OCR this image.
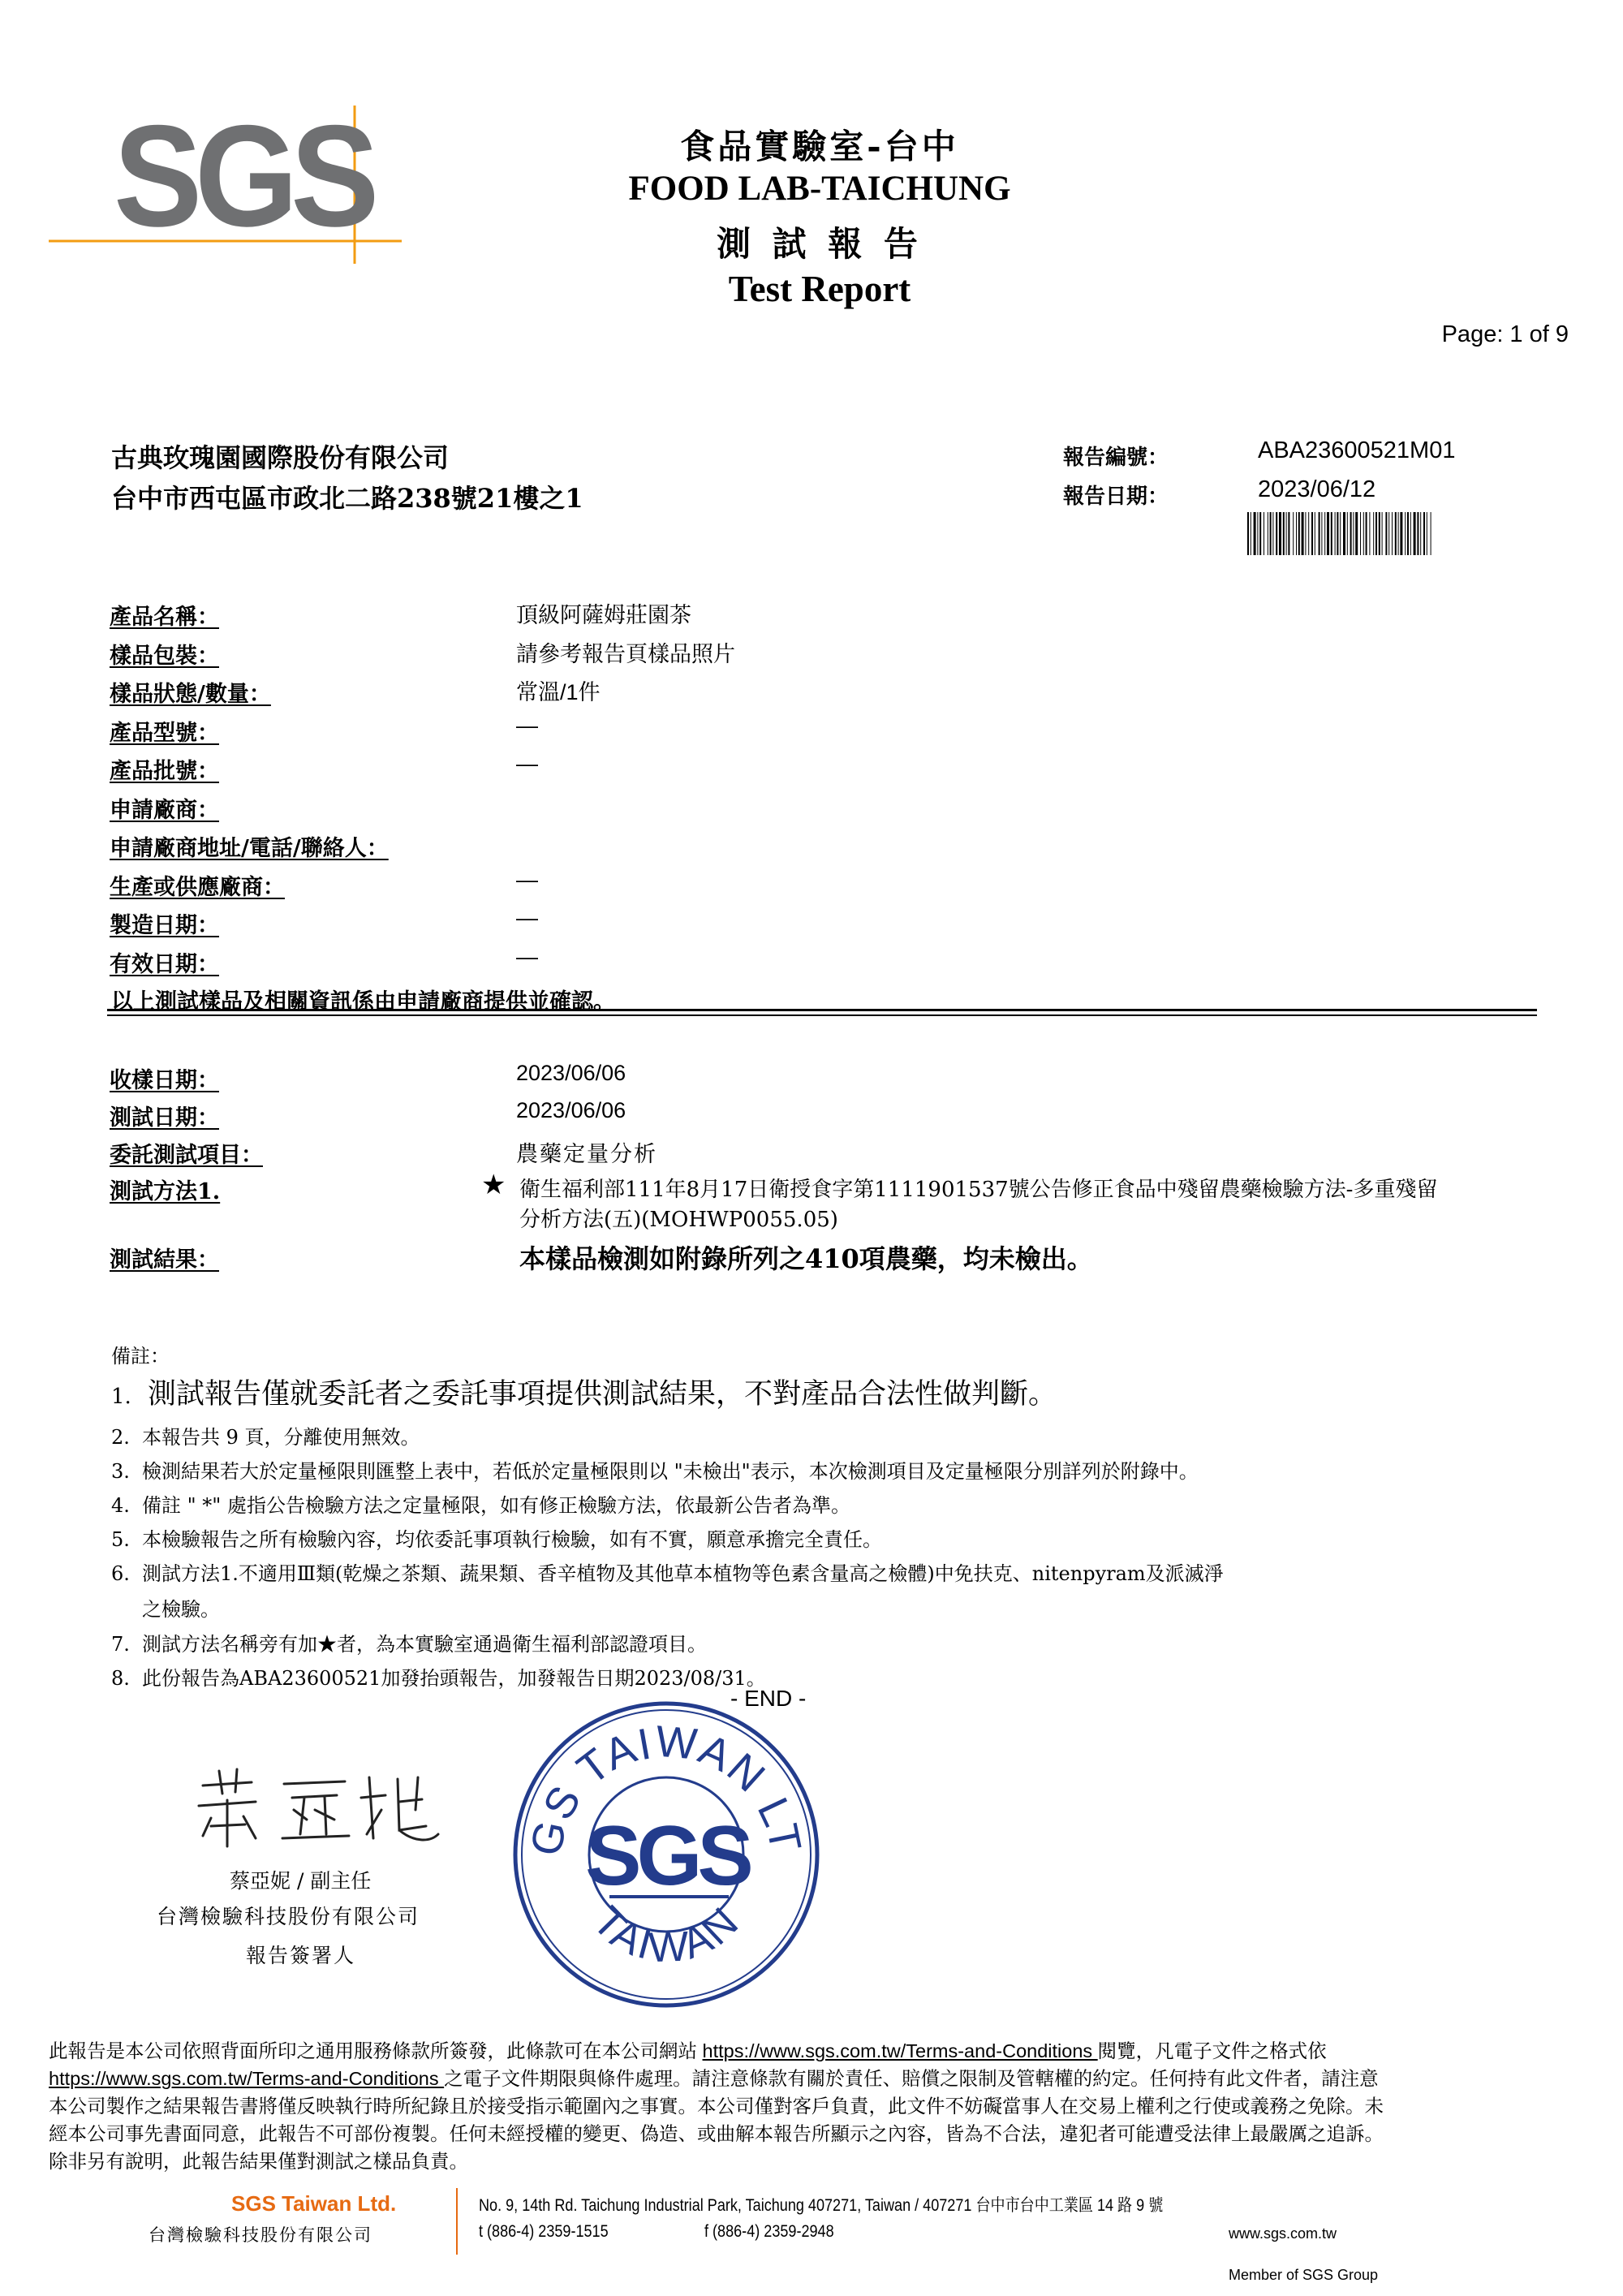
SGS	食品實驗室-台中
FOOD LAB-TAICHUNG
測 試 報 告
Test Report
Page: 1 of 9
古典玫瑰園國際股份有限公司
台中市西屯區市政北二路238號21樓之1
報告編號：	ABA23600521M01
報告日期：	2023/06/12
產品名稱：	頂級阿薩姆莊園茶
樣品包裝：	請參考報告頁樣品照片
樣品狀態/數量：	常溫/1件
產品型號：	—
產品批號：	—
申請廠商：
申請廠商地址/電話/聯絡人：
生產或供應廠商：	—
製造日期：	—
有效日期：	—
以上測試樣品及相關資訊係由申請廠商提供並確認。
收樣日期：	2023/06/06
測試日期：	2023/06/06
委託測試項目：	農藥定量分析
測試方法1.	★ 衛生福利部111年8月17日衛授食字第1111901537號公告修正食品中殘留農藥檢驗方法-多重殘留
分析方法(五)(MOHWP0055.05)
測試結果：	本樣品檢測如附錄所列之410項農藥，均未檢出。
備註：
1. 測試報告僅就委託者之委託事項提供測試結果，不對產品合法性做判斷。
2. 本報告共 9 頁，分離使用無效。
3. 檢測結果若大於定量極限則匯整上表中，若低於定量極限則以 "未檢出"表示，本次檢測項目及定量極限分別詳列於附錄中。
4. 備註 " *" 處指公告檢驗方法之定量極限，如有修正檢驗方法，依最新公告者為準。
5. 本檢驗報告之所有檢驗內容，均依委託事項執行檢驗，如有不實，願意承擔完全責任。
6. 測試方法1.不適用Ⅲ類(乾燥之茶類、蔬果類、香辛植物及其他草本植物等色素含量高之檢體)中免扶克、nitenpyram及派滅淨
之檢驗。
7. 測試方法名稱旁有加★者，為本實驗室通過衛生福利部認證項目。
8. 此份報告為ABA23600521加發抬頭報告，加發報告日期2023/08/31。
- END -
蔡亞妮 / 副主任
台灣檢驗科技股份有限公司
報告簽署人
GS TAIWAN LT
TAIWAN
SGS
此報告是本公司依照背面所印之通用服務條款所簽發，此條款可在本公司網站 https://www.sgs.com.tw/Terms-and-Conditions 閱覽，凡電子文件之格式依
https://www.sgs.com.tw/Terms-and-Conditions 之電子文件期限與條件處理。請注意條款有關於責任、賠償之限制及管轄權的約定。任何持有此文件者，請注意
本公司製作之結果報告書將僅反映執行時所紀錄且於接受指示範圍內之事實。本公司僅對客戶負責，此文件不妨礙當事人在交易上權利之行使或義務之免除。未
經本公司事先書面同意，此報告不可部份複製。任何未經授權的變更、偽造、或曲解本報告所顯示之內容，皆為不合法，違犯者可能遭受法律上最嚴厲之追訴。
除非另有說明，此報告結果僅對測試之樣品負責。
SGS Taiwan Ltd.
台灣檢驗科技股份有限公司
No. 9, 14th Rd. Taichung Industrial Park, Taichung 407271, Taiwan / 407271 台中市台中工業區 14 路 9 號
t (886-4) 2359-1515	f (886-4) 2359-2948	www.sgs.com.tw
Member of SGS Group
